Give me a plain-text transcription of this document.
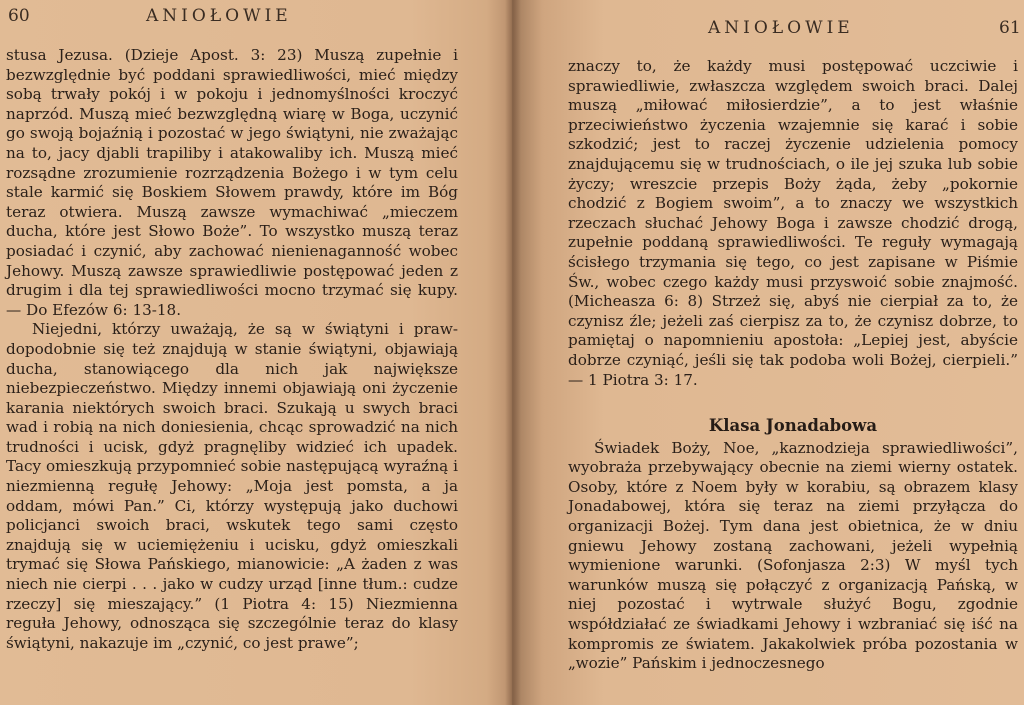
60	ANIOŁOWIE

stusa Jezusa. (Dzieje Apost. 3: 23) Muszą zupełnie i bezwzględnie być poddani sprawiedliwości, mieć między sobą trwały pokój i w pokoju i jednomyślności kroczyć naprzód. Muszą mieć bezwzględną wiarę w Boga, uczynić go swoją bojaźnią i pozostać w jego świątyni, nie zważając na to, jacy djabli trapiliby i atakowaliby ich. Muszą mieć rozsądne zrozumienie rozrządzenia Bożego i w tym celu stale karmić się Boskiem Słowem prawdy, które im Bóg teraz otwiera. Muszą zawsze wymachiwać „mieczem ducha, które jest Słowo Boże”. To wszystko muszą teraz posiadać i czynić, aby zachować nienienaganność wobec Jehowy. Muszą zawsze sprawiedliwie postępować jeden z drugim i dla tej sprawiedliwości mocno trzymać się kupy. — Do Efezów 6: 13-18.

Niejedni, którzy uważają, że są w świątyni i prawdopodobnie się też znajdują w stanie świątyni, objawiają ducha, stanowiącego dla nich jak największe niebezpieczeństwo. Między innemi objawiają oni życzenie karania niektórych swoich braci. Szukają u swych braci wad i robią na nich doniesienia, chcąc sprowadzić na nich trudności i ucisk, gdyż pragnęliby widzieć ich upadek. Tacy omieszkują przypomnieć sobie następującą wyraźną i niezmienną regułę Jehowy: „Moja jest pomsta, a ja oddam, mówi Pan.” Ci, którzy występują jako duchowi policjanci swoich braci, wskutek tego sami często znajdują się w uciemiężeniu i ucisku, gdyż omieszkali trymać się Słowa Pańskiego, mianowicie: „A żaden z was niech nie cierpi . . . jako w cudzy urząd [inne tłum.: cudze rzeczy] się mieszający.” (1 Piotra 4: 15) Niezmienna reguła Jehowy, odnosząca się szczególnie teraz do klasy świątyni, nakazuje im „czynić, co jest prawe”;

ANIOŁOWIE	61

znaczy to, że każdy musi postępować uczciwie i sprawiedliwie, zwłaszcza względem swoich braci. Dalej muszą „miłować miłosierdzie”, a to jest właśnie przeciwieństwo życzenia wzajemnie się karać i sobie szkodzić; jest to raczej życzenie udzielenia pomocy znajdującemu się w trudnościach, o ile jej szuka lub sobie życzy; wreszcie przepis Boży żąda, żeby „pokornie chodzić z Bogiem swoim”, a to znaczy we wszystkich rzeczach słuchać Jehowy Boga i zawsze chodzić drogą, zupełnie poddaną sprawiedliwości. Te reguły wymagają ścisłego trzymania się tego, co jest zapisane w Piśmie Św., wobec czego każdy musi przyswoić sobie znajmość. (Micheasza 6: 8) Strzeż się, abyś nie cierpiał za to, że czynisz źle; jeżeli zaś cierpisz za to, że czynisz dobrze, to pamiętaj o napomnieniu apostoła: „Lepiej jest, abyście dobrze czyniąć, jeśli się tak podoba woli Bożej, cierpieli.” — 1 Piotra 3: 17.

Klasa Jonadabowa

Świadek Boży, Noe, „kaznodzieja sprawiedliwości”, wyobraża przebywający obecnie na ziemi wierny ostatek. Osoby, które z Noem były w korabiu, są obrazem klasy Jonadabowej, która się teraz na ziemi przyłącza do organizacji Bożej. Tym dana jest obietnica, że w dniu gniewu Jehowy zostaną zachowani, jeżeli wypełnią wymienione warunki. (Sofonjasza 2:3) W myśl tych warunków muszą się połączyć z organizacją Pańską, w niej pozostać i wytrwale służyć Bogu, zgodnie współdziałać ze świadkami Jehowy i wzbraniać się iść na kompromis ze światem. Jakakolwiek próba pozostania w „wozie” Pańskim i jednoczesnego
